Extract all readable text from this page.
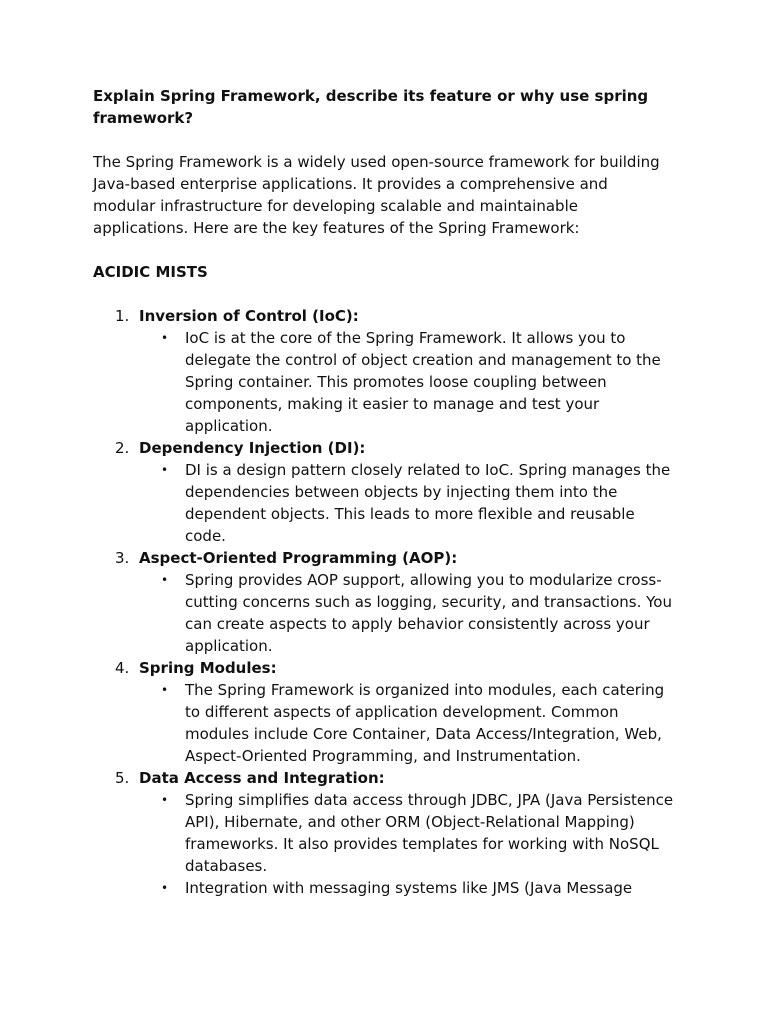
Explain Spring Framework, describe its feature or why use spring framework?

The Spring Framework is a widely used open-source framework for building Java-based enterprise applications. It provides a comprehensive and modular infrastructure for developing scalable and maintainable applications. Here are the key features of the Spring Framework:

ACIDIC MISTS

1. Inversion of Control (IoC):
• IoC is at the core of the Spring Framework. It allows you to delegate the control of object creation and management to the Spring container. This promotes loose coupling between components, making it easier to manage and test your application.
2. Dependency Injection (DI):
• DI is a design pattern closely related to IoC. Spring manages the dependencies between objects by injecting them into the dependent objects. This leads to more flexible and reusable code.
3. Aspect-Oriented Programming (AOP):
• Spring provides AOP support, allowing you to modularize cross-cutting concerns such as logging, security, and transactions. You can create aspects to apply behavior consistently across your application.
4. Spring Modules:
• The Spring Framework is organized into modules, each catering to different aspects of application development. Common modules include Core Container, Data Access/Integration, Web, Aspect-Oriented Programming, and Instrumentation.
5. Data Access and Integration:
• Spring simplifies data access through JDBC, JPA (Java Persistence API), Hibernate, and other ORM (Object-Relational Mapping) frameworks. It also provides templates for working with NoSQL databases.
• Integration with messaging systems like JMS (Java Message
